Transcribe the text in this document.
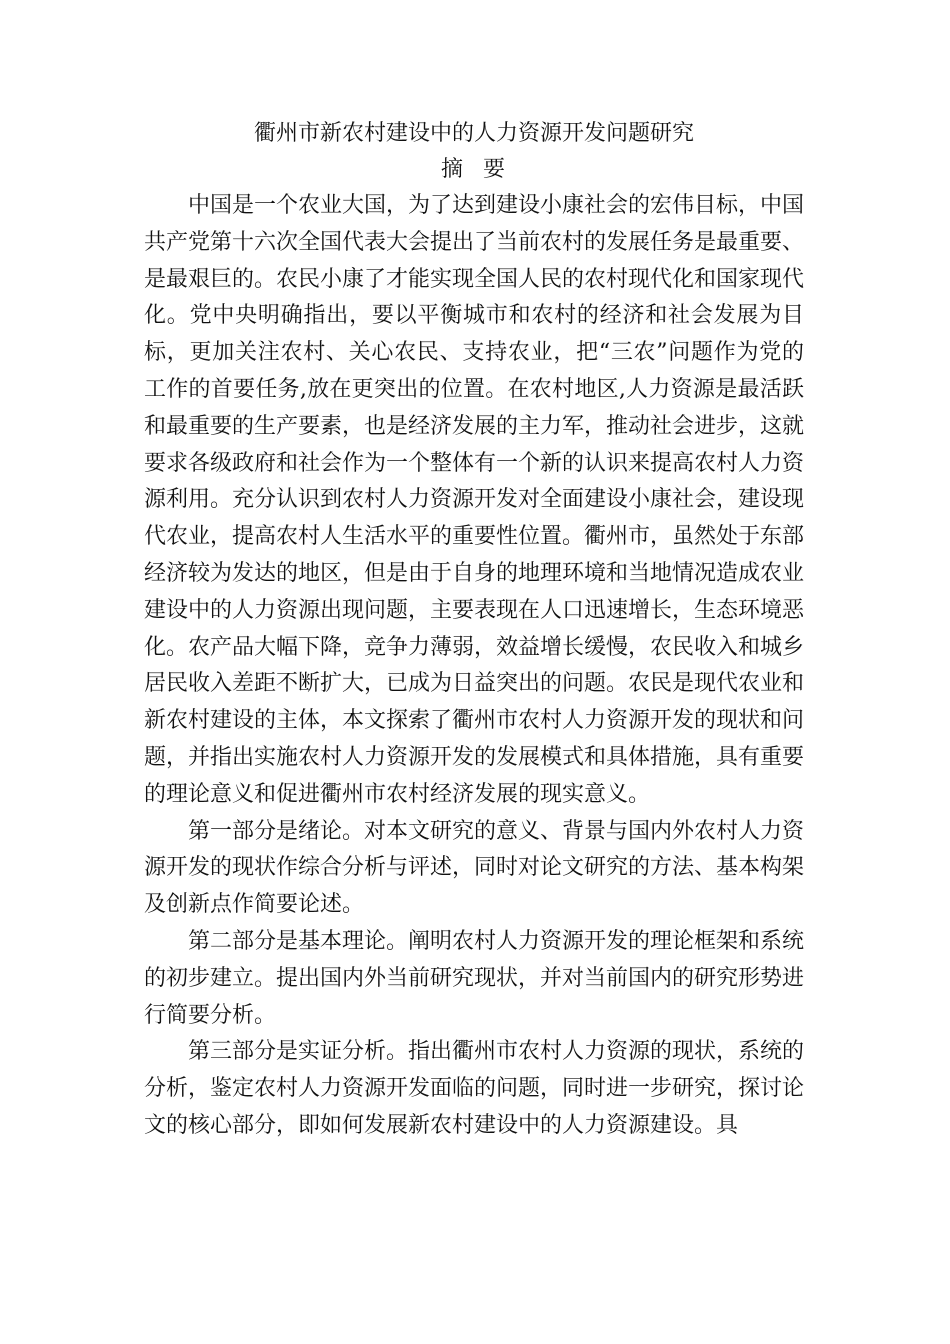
衢州市新农村建设中的人力资源开发问题研究
摘  要

中国是一个农业大国，为了达到建设小康社会的宏伟目标，中国共产党第十六次全国代表大会提出了当前农村的发展任务是最重要、是最艰巨的。农民小康了才能实现全国人民的农村现代化和国家现代化。党中央明确指出，要以平衡城市和农村的经济和社会发展为目标，更加关注农村、关心农民、支持农业，把“三农”问题作为党的工作的首要任务,放在更突出的位置。在农村地区,人力资源是最活跃和最重要的生产要素，也是经济发展的主力军，推动社会进步，这就要求各级政府和社会作为一个整体有一个新的认识来提高农村人力资源利用。充分认识到农村人力资源开发对全面建设小康社会，建设现代农业，提高农村人生活水平的重要性位置。衢州市，虽然处于东部经济较为发达的地区，但是由于自身的地理环境和当地情况造成农业建设中的人力资源出现问题，主要表现在人口迅速增长，生态环境恶化。农产品大幅下降，竞争力薄弱，效益增长缓慢，农民收入和城乡居民收入差距不断扩大，已成为日益突出的问题。农民是现代农业和新农村建设的主体，本文探索了衢州市农村人力资源开发的现状和问题，并指出实施农村人力资源开发的发展模式和具体措施，具有重要的理论意义和促进衢州市农村经济发展的现实意义。

第一部分是绪论。对本文研究的意义、背景与国内外农村人力资源开发的现状作综合分析与评述，同时对论文研究的方法、基本构架及创新点作简要论述。

第二部分是基本理论。阐明农村人力资源开发的理论框架和系统的初步建立。提出国内外当前研究现状，并对当前国内的研究形势进行简要分析。

第三部分是实证分析。指出衢州市农村人力资源的现状，系统的分析，鉴定农村人力资源开发面临的问题，同时进一步研究，探讨论文的核心部分，即如何发展新农村建设中的人力资源建设。具
